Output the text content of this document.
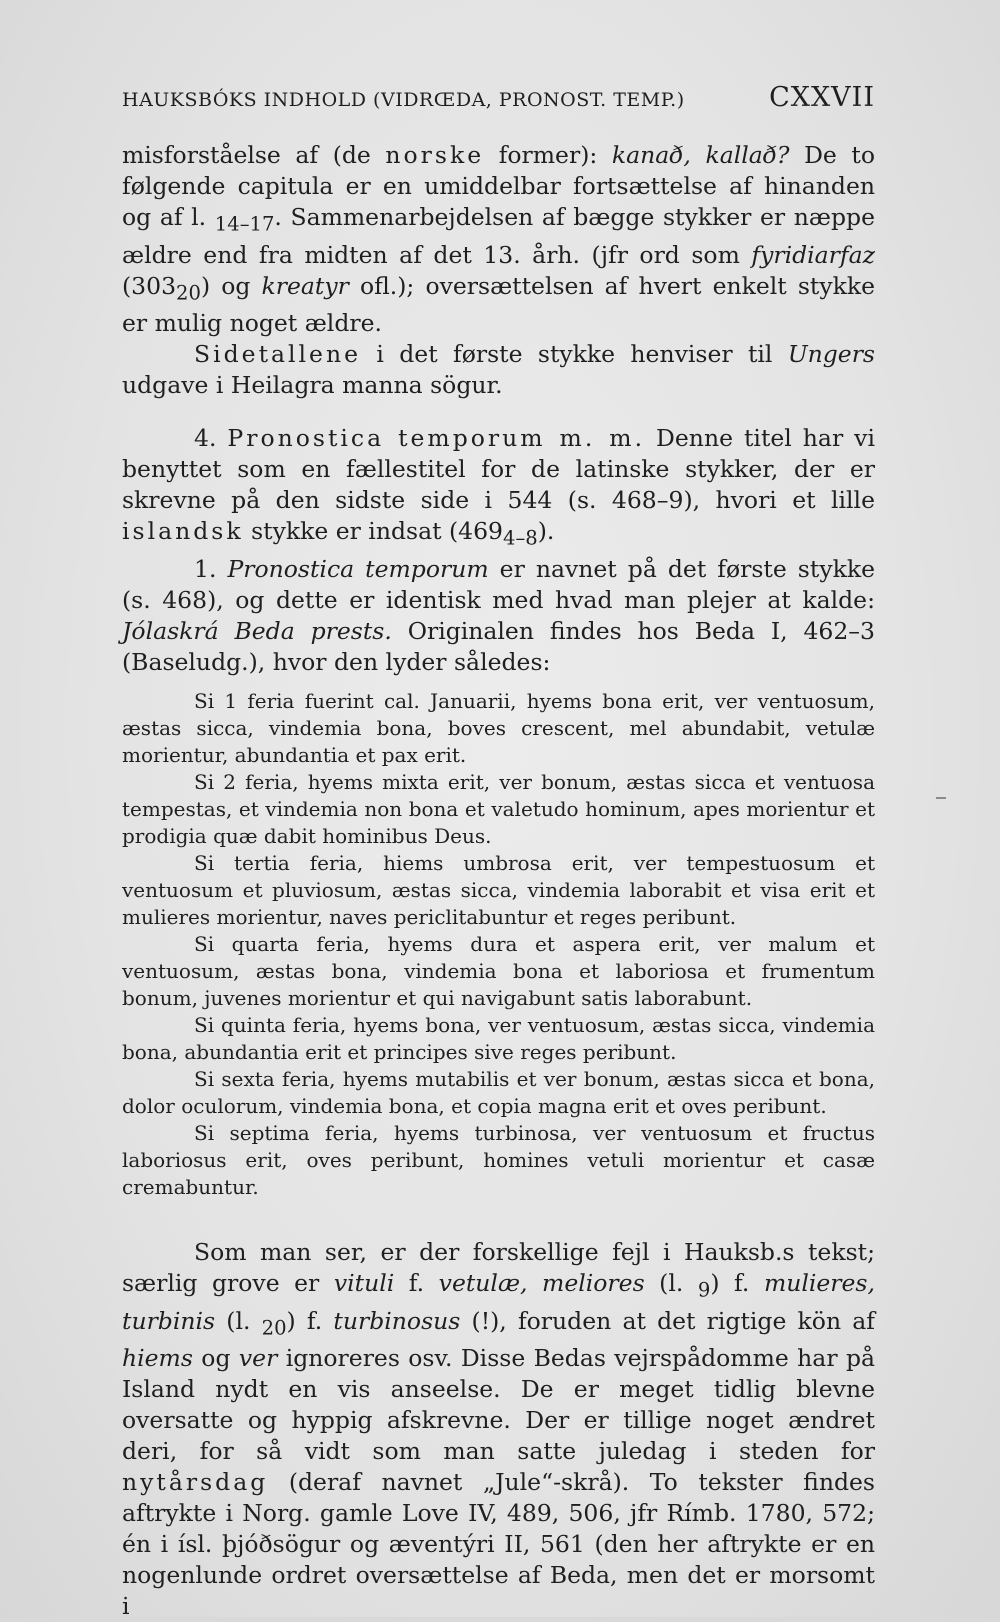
HAUKSBÓKS INDHOLD (VIDRŒDA, PRONOST. TEMP.)	CXXVII

misforståelse af (de norske former): kanað, kallað? De to følgende capitula er en umiddelbar fortsættelse af hinanden og af l. $_{14-17}$. Sammenarbejdelsen af bægge stykker er næppe ældre end fra midten af det 13. årh. (jfr ord som fyridiarfaz $(303_{20})$ og kreatyr ofl.); oversættelsen af hvert enkelt stykke er mulig noget ældre.

Sidetallene i det første stykke henviser til Ungers udgave i Heilagra manna sögur.

4. Pronostica temporum m. m. Denne titel har vi benyttet som en fællestitel for de latinske stykker, der er skrevne på den sidste side i 544 (s. 468–9), hvori et lille islandsk stykke er indsat $(469_{4-8})$.

1. Pronostica temporum er navnet på det første stykke (s. 468), og dette er identisk med hvad man plejer at kalde: Jólaskrá Beda prests. Originalen findes hos Beda I, 462–3 (Baseludg.), hvor den lyder således:

Si 1 feria fuerint cal. Januarii, hyems bona erit, ver ventuosum, æstas sicca, vindemia bona, boves crescent, mel abundabit, vetulæ morientur, abundantia et pax erit.

Si 2 feria, hyems mixta erit, ver bonum, æstas sicca et ventuosa tempestas, et vindemia non bona et valetudo hominum, apes morientur et prodigia quæ dabit hominibus Deus.

Si tertia feria, hiems umbrosa erit, ver tempestuosum et ventuosum et pluviosum, æstas sicca, vindemia laborabit et visa erit et mulieres morientur, naves periclitabuntur et reges peribunt.

Si quarta feria, hyems dura et aspera erit, ver malum et ventuosum, æstas bona, vindemia bona et laboriosa et frumentum bonum, juvenes morientur et qui navigabunt satis laborabunt.

Si quinta feria, hyems bona, ver ventuosum, æstas sicca, vindemia bona, abundantia erit et principes sive reges peribunt.

Si sexta feria, hyems mutabilis et ver bonum, æstas sicca et bona, dolor oculorum, vindemia bona, et copia magna erit et oves peribunt.

Si septima feria, hyems turbinosa, ver ventuosum et fructus laboriosus erit, oves peribunt, homines vetuli morientur et casæ cremabuntur.

Som man ser, er der forskellige fejl i Hauksb.s tekst; særlig grove er vituli f. vetulæ, meliores (l. $_9$) f. mulieres, turbinis (l. $_{20}$) f. turbinosus (!), foruden at det rigtige kön af hiems og ver ignoreres osv. Disse Bedas vejrspådomme har på Island nydt en vis anseelse. De er meget tidlig blevne oversatte og hyppig afskrevne. Der er tillige noget ændret deri, for så vidt som man satte juledag i steden for nytårsdag (deraf navnet „Jule“-skrå). To tekster findes aftrykte i Norg. gamle Love IV, 489, 506, jfr Rímb. 1780, 572; én i ísl. þjóðsögur og æventýri II, 561 (den her aftrykte er en nogenlunde ordret oversættelse af Beda, men det er morsomt i
